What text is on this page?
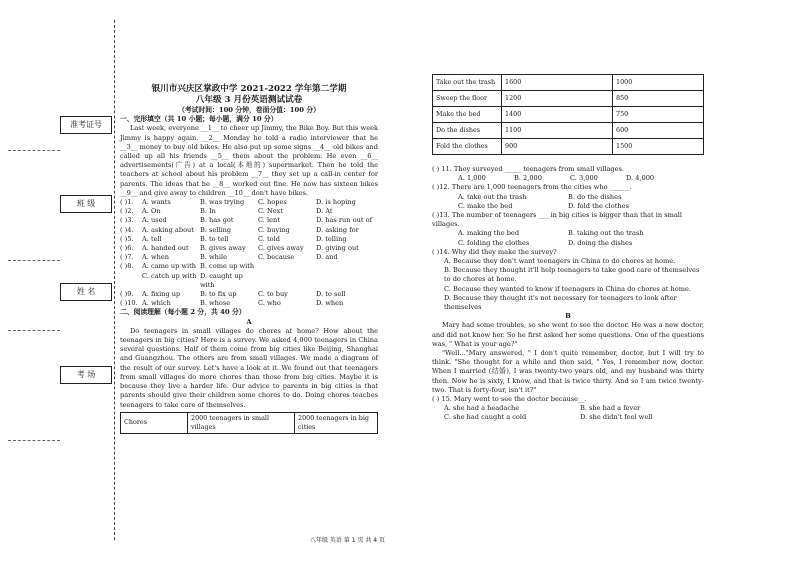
准考证号
班 级
姓 名
考 场
银川市兴庆区掌政中学 2021-2022 学年第二学期
八年级 3 月份英语测试试卷
（考试时间：100 分钟，卷面分值：100 分）
一、完形填空（共 10 小题；每小题，满分 10 分）

Last week, everyone __1__ to cheer up Jimmy, the Bike Boy. But this week Jimmy is happy again. __2__ Monday he told a radio interviewer that he __3__ money to buy old bikes. He also put up some signs __4__ old bikes and called up all his friends __5__ them about the problem. He even __6__ advertisements(广告) at a local(本地的) supermarket. Then he told the teachers at school about his problem __7__ they set up a call-in center for parents. The ideas that he __8__ worked out fine. He now has sixteen bikes __9__ and give away to children __10__ don't have bikes.

( )1.	A. wants	B. was trying	C. hopes	D. is hoping
( )2.	A. On	B. In	C. Next	D. At
( )3.	A. used	B. has got	C. lent	D. has run out of
( )4.	A. asking about B. selling	C. buying	D. asking for
( )5.	A. tell	B. to tell	C. told	D. telling
( )6.	A. handed out	B. gives away	C. gives away	D. giving out
( )7.	A. when	B. while	C. because	D. and
( )8.	A. came up with B. come up with
C. catch up with D. caught up with
( )9.	A. fixing up	B. to fix up	C. to buy	D. to sell
( )10. A. which	B. whose	C. who	D. when
二、阅读理解（每小题 2 分，共 40 分）
A

Do teenagers in small villages do chores at home? How about the teenagers in big cities? Here is a survey. We asked 4,000 teenagers in China several questions. Half of them come from big cities like Beijing, Shanghai and Guangzhou. The others are from small villages. We made a diagram of the result of our survey. Let's have a look at it. We found out that teenagers from small villages do more chores than those from big cities. Maybe it is because they live a harder life. Our advice to parents in big cities is that parents should give their children some chores to do. Doing chores teaches teenagers to take care of themselves.

Chores	2000 teenagers in small villages	2000 teenagers in big cities
Take out the trash	1600	1000
Sweep the floor	1200	850
Make the bed	1400	750
Do the dishes	1100	600
Fold the clothes	900	1500
( ) 11. They surveyed _____ teenagers from small villages.
A. 1,000	B. 2,000	C. 3,000	D. 4,000
( )12. There are 1,000 teenagers from the cities who ______.
A. take out the trash	B. do the dishes
C. make the bed	D. fold the clothes
( )13. The number of teenagers ___ in big cities is bigger than that in small villages.
A. making the bed	B. taking out the trash
C. folding the clothes	D. doing the dishes
( )14. Why did they make the survey?
A. Because they don't want teenagers in China to do chores at home.
B. Because they thought it'll help teenagers to take good care of themselves to do chores at home.
C. Because they wanted to know if teenagers in China do chores at home.
D. Because they thought it's not necessary for teenagers to look after themselves
B

Mary had some troubles, so she went to see the doctor. He was a new doctor, and did not know her. So he first asked her some questions. One of the questions was, " What is your age?"

"Well..."Mary answered, " I don't quite remember, doctor, but I will try to think. "She thought for a while and then said, " Yes, I remember now, doctor. When I married (结婚), I was twenty-two years old, and my husband was thirty then. Now he is sixty, I know, and that is twice thirty. And so I am twice twenty-two. That is forty-four, isn't it?"

( ) 15. Mary went to see the doctor because__.
A. she had a headache	B. she had a fever
C. she had caught a cold	D. she didn't feel well
八年级 英语 第 1 页 共 4 页
